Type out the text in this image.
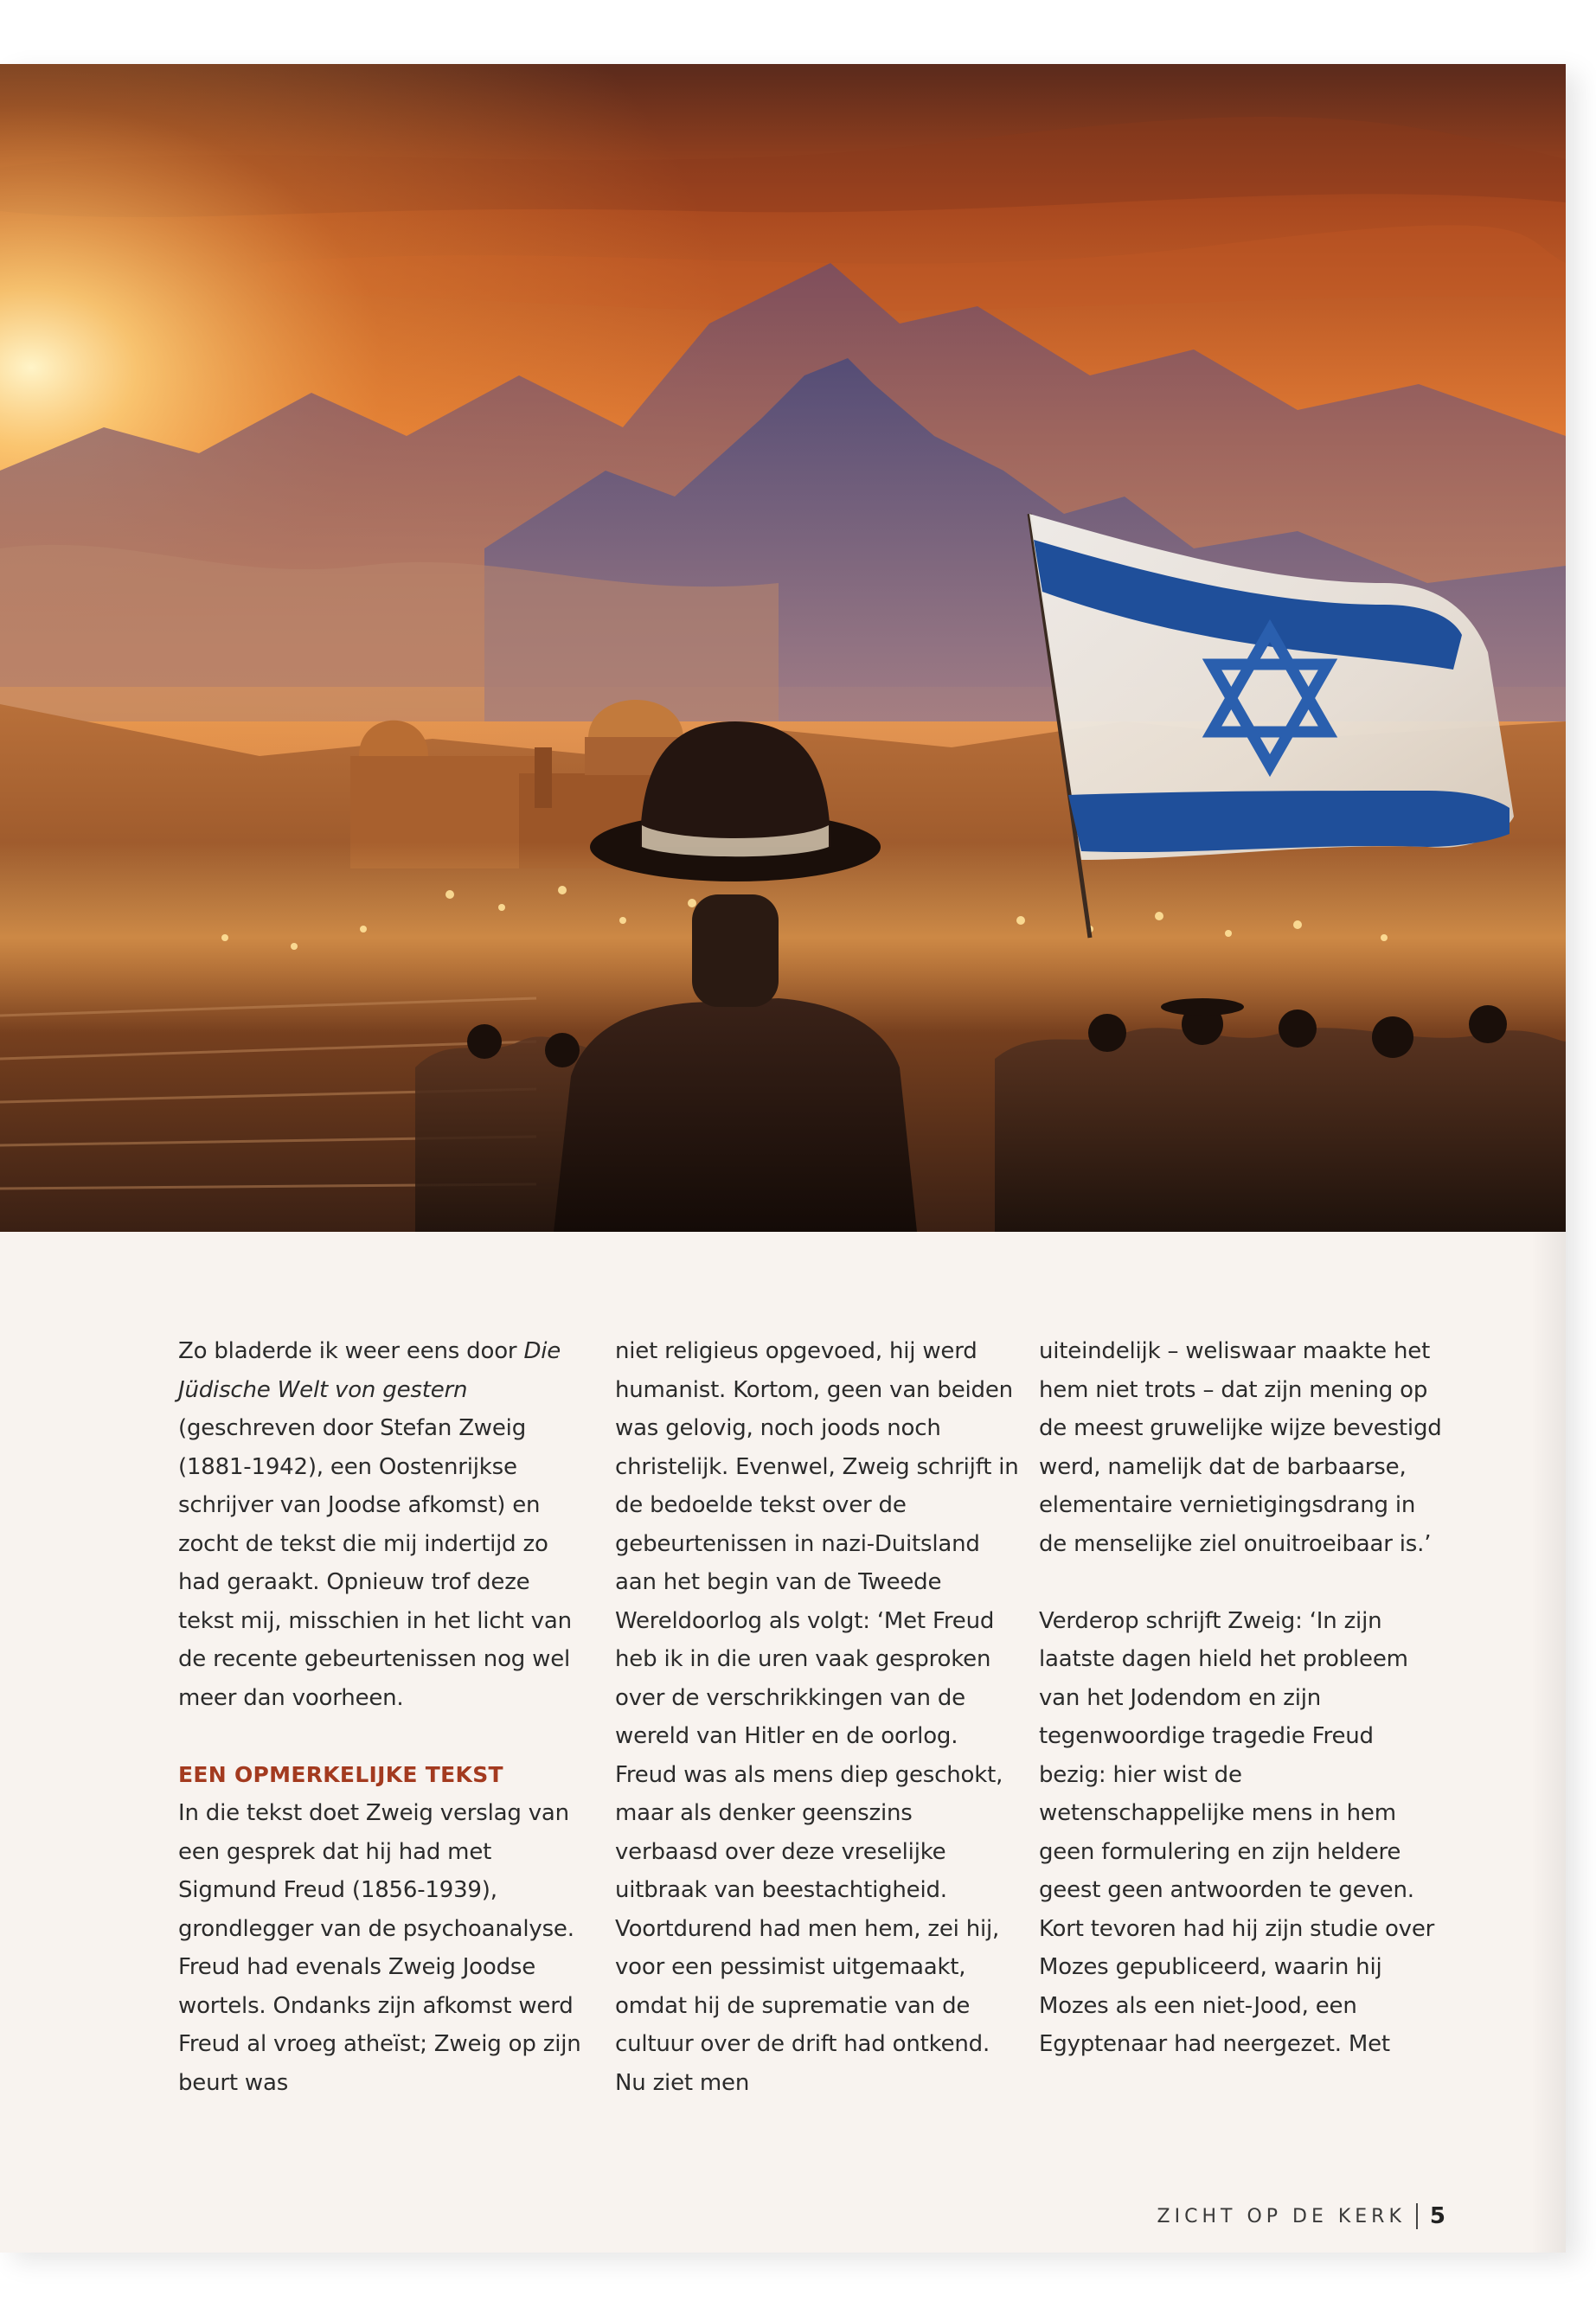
Zo bladerde ik weer eens door Die Jüdische Welt von gestern (geschreven door Stefan Zweig (1881-1942), een Oostenrijkse schrijver van Joodse afkomst) en zocht de tekst die mij indertijd zo had geraakt. Opnieuw trof deze tekst mij, misschien in het licht van de recente gebeurtenissen nog wel meer dan voorheen.

EEN OPMERKELIJKE TEKST

In die tekst doet Zweig verslag van een gesprek dat hij had met Sigmund Freud (1856-1939), grondlegger van de psychoanalyse. Freud had evenals Zweig Joodse wortels. Ondanks zijn afkomst werd Freud al vroeg atheïst; Zweig op zijn beurt was

niet religieus opgevoed, hij werd humanist. Kortom, geen van beiden was gelovig, noch joods noch christelijk. Evenwel, Zweig schrijft in de bedoelde tekst over de gebeurtenissen in nazi-Duitsland aan het begin van de Tweede Wereldoorlog als volgt: ‘Met Freud heb ik in die uren vaak gesproken over de verschrikkingen van de wereld van Hitler en de oorlog. Freud was als mens diep geschokt, maar als denker geenszins verbaasd over deze vreselijke uitbraak van beestachtigheid. Voortdurend had men hem, zei hij, voor een pessimist uitgemaakt, omdat hij de suprematie van de cultuur over de drift had ontkend. Nu ziet men

uiteindelijk – weliswaar maakte het hem niet trots – dat zijn mening op de meest gruwelijke wijze bevestigd werd, namelijk dat de barbaarse, elementaire vernietigingsdrang in de menselijke ziel onuitroeibaar is.’

Verderop schrijft Zweig: ‘In zijn laatste dagen hield het probleem van het Jodendom en zijn tegenwoordige tragedie Freud bezig: hier wist de wetenschappelijke mens in hem geen formulering en zijn heldere geest geen antwoorden te geven. Kort tevoren had hij zijn studie over Mozes gepubliceerd, waarin hij Mozes als een niet-Jood, een Egyptenaar had neergezet. Met

ZICHT OP DE KERK 5
